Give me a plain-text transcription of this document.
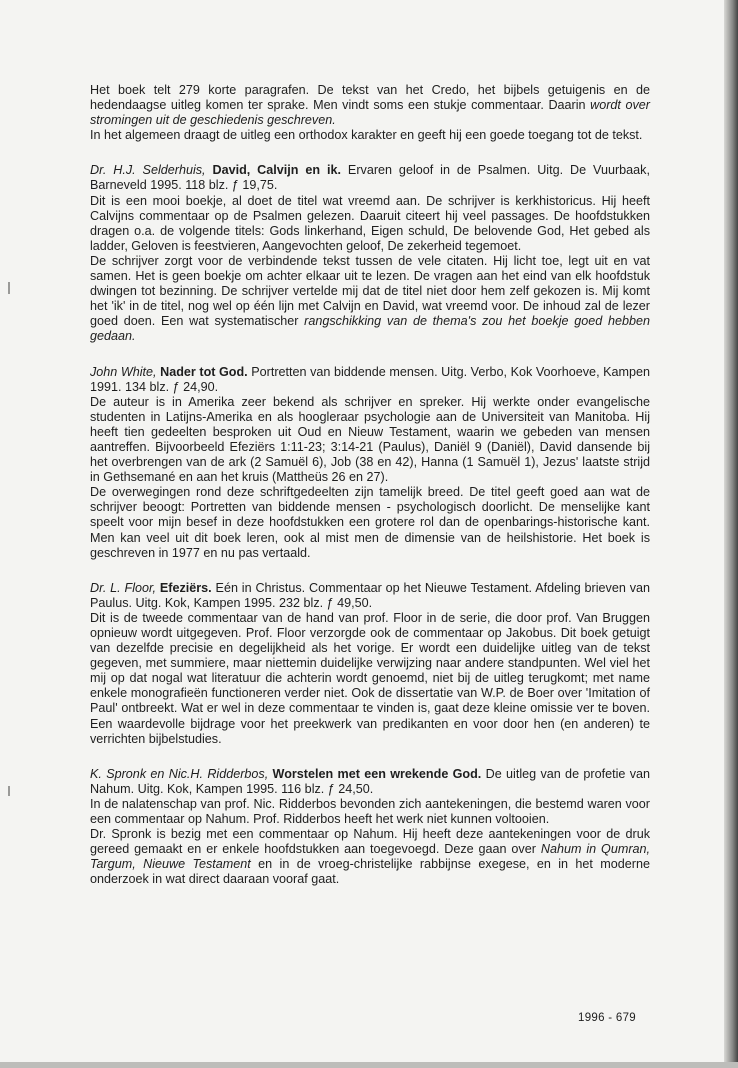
Het boek telt 279 korte paragrafen. De tekst van het Credo, het bijbels getuigenis en de hedendaagse uitleg komen ter sprake. Men vindt soms een stukje commentaar. Daarin wordt over stromingen uit de geschiedenis geschreven.

In het algemeen draagt de uitleg een orthodox karakter en geeft hij een goede toegang tot de tekst.

Dr. H.J. Selderhuis, David, Calvijn en ik. Ervaren geloof in de Psalmen. Uitg. De Vuurbaak, Barneveld 1995. 118 blz. ƒ 19,75.

Dit is een mooi boekje, al doet de titel wat vreemd aan. De schrijver is kerkhistoricus. Hij heeft Calvijns commentaar op de Psalmen gelezen. Daaruit citeert hij veel passages. De hoofdstukken dragen o.a. de volgende titels: Gods linkerhand, Eigen schuld, De belovende God, Het gebed als ladder, Geloven is feestvieren, Aangevochten geloof, De zekerheid tegemoet.

De schrijver zorgt voor de verbindende tekst tussen de vele citaten. Hij licht toe, legt uit en vat samen. Het is geen boekje om achter elkaar uit te lezen. De vragen aan het eind van elk hoofdstuk dwingen tot bezinning. De schrijver vertelde mij dat de titel niet door hem zelf gekozen is. Mij komt het 'ik' in de titel, nog wel op één lijn met Calvijn en David, wat vreemd voor. De inhoud zal de lezer goed doen. Een wat systematischer rangschikking van de thema's zou het boekje goed hebben gedaan.

John White, Nader tot God. Portretten van biddende mensen. Uitg. Verbo, Kok Voorhoeve, Kampen 1991. 134 blz. ƒ 24,90.

De auteur is in Amerika zeer bekend als schrijver en spreker. Hij werkte onder evangelische studenten in Latijns-Amerika en als hoogleraar psychologie aan de Universiteit van Manitoba. Hij heeft tien gedeelten besproken uit Oud en Nieuw Testament, waarin we gebeden van mensen aantreffen. Bijvoorbeeld Efeziërs 1:11-23; 3:14-21 (Paulus), Daniël 9 (Daniël), David dansende bij het overbrengen van de ark (2 Samuël 6), Job (38 en 42), Hanna (1 Samuël 1), Jezus' laatste strijd in Gethsemané en aan het kruis (Mattheüs 26 en 27).

De overwegingen rond deze schriftgedeelten zijn tamelijk breed. De titel geeft goed aan wat de schrijver beoogt: Portretten van biddende mensen - psychologisch doorlicht. De menselijke kant speelt voor mijn besef in deze hoofdstukken een grotere rol dan de openbarings-historische kant. Men kan veel uit dit boek leren, ook al mist men de dimensie van de heilshistorie. Het boek is geschreven in 1977 en nu pas vertaald.

Dr. L. Floor, Efeziërs. Eén in Christus. Commentaar op het Nieuwe Testament. Afdeling brieven van Paulus. Uitg. Kok, Kampen 1995. 232 blz. ƒ 49,50.

Dit is de tweede commentaar van de hand van prof. Floor in de serie, die door prof. Van Bruggen opnieuw wordt uitgegeven. Prof. Floor verzorgde ook de commentaar op Jakobus. Dit boek getuigt van dezelfde precisie en degelijkheid als het vorige. Er wordt een duidelijke uitleg van de tekst gegeven, met summiere, maar niettemin duidelijke verwijzing naar andere standpunten. Wel viel het mij op dat nogal wat literatuur die achterin wordt genoemd, niet bij de uitleg terugkomt; met name enkele monografieën functioneren verder niet. Ook de dissertatie van W.P. de Boer over 'Imitation of Paul' ontbreekt. Wat er wel in deze commentaar te vinden is, gaat deze kleine omissie ver te boven. Een waardevolle bijdrage voor het preekwerk van predikanten en voor door hen (en anderen) te verrichten bijbelstudies.

K. Spronk en Nic.H. Ridderbos, Worstelen met een wrekende God. De uitleg van de profetie van Nahum. Uitg. Kok, Kampen 1995. 116 blz. ƒ 24,50.

In de nalatenschap van prof. Nic. Ridderbos bevonden zich aantekeningen, die bestemd waren voor een commentaar op Nahum. Prof. Ridderbos heeft het werk niet kunnen voltooien.

Dr. Spronk is bezig met een commentaar op Nahum. Hij heeft deze aantekeningen voor de druk gereed gemaakt en er enkele hoofdstukken aan toegevoegd. Deze gaan over Nahum in Qumran, Targum, Nieuwe Testament en in de vroeg-christelijke rabbijnse exegese, en in het moderne onderzoek in wat direct daaraan vooraf gaat.

1996 - 679
